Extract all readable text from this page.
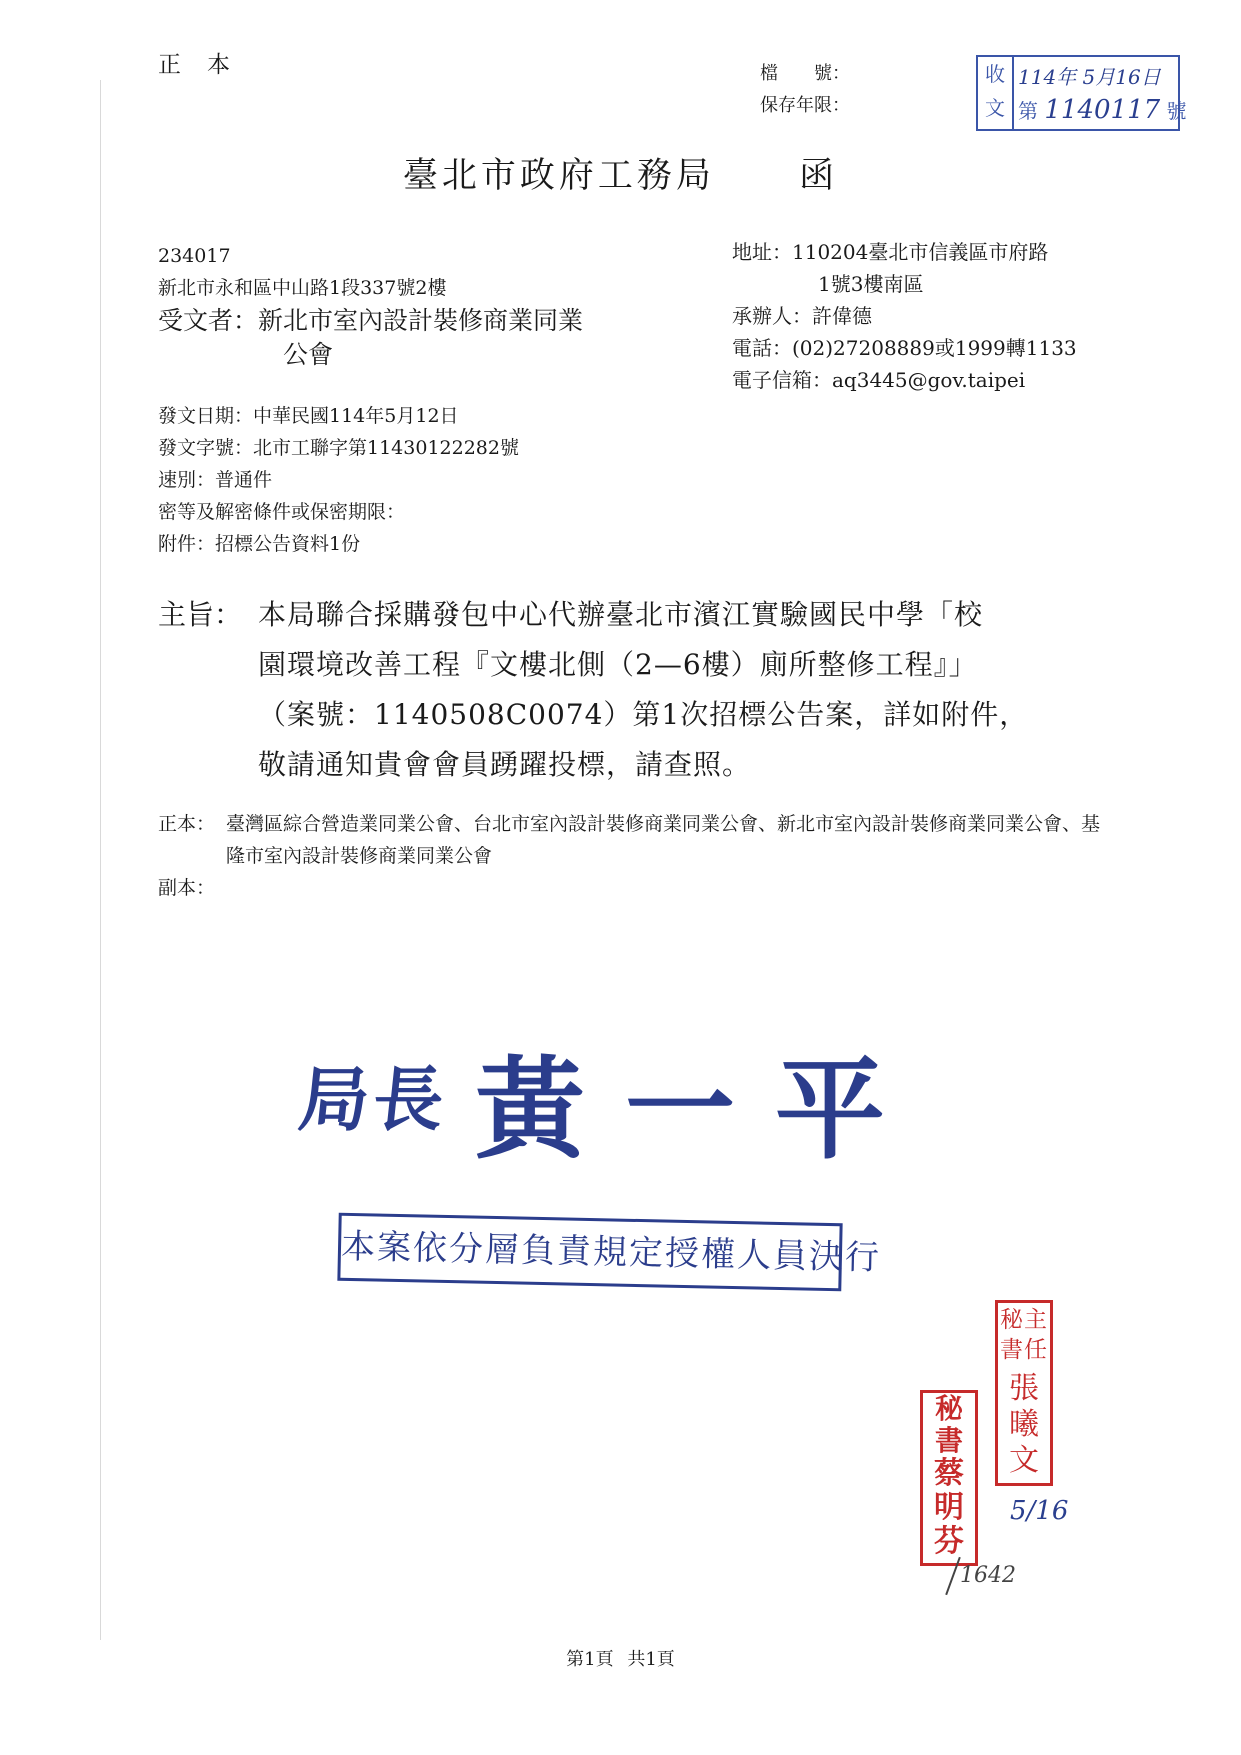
正本	檔　　號：
保存年限：
收
文
114年 5月16日
第 1140117 號
臺北市政府工務局 函
234017
新北市永和區中山路1段337號2樓
受文者：新北市室內設計裝修商業同業
公會
地址：110204臺北市信義區市府路
1號3樓南區
承辦人：許偉德
電話：(02)27208889或1999轉1133
電子信箱：aq3445@gov.taipei
發文日期：中華民國114年5月12日
發文字號：北市工聯字第11430122282號
速別：普通件
密等及解密條件或保密期限：
附件：招標公告資料1份
主旨： 本局聯合採購發包中心代辦臺北市濱江實驗國民中學「校
園環境改善工程『文樓北側（2—6樓）廁所整修工程』」
（案號：1140508C0074）第1次招標公告案，詳如附件，
敬請通知貴會會員踴躍投標，請查照。
正本： 臺灣區綜合營造業同業公會、台北市室內設計裝修商業同業公會、新北市室內設計裝修商業同業公會、基隆市室內設計裝修商業同業公會
副本：
局長 黃一平
本案依分層負責規定授權人員決行
主
任
秘
書
張
曦
文
秘
書
蔡
明
芬
5/16
1642
第1頁 共1頁
